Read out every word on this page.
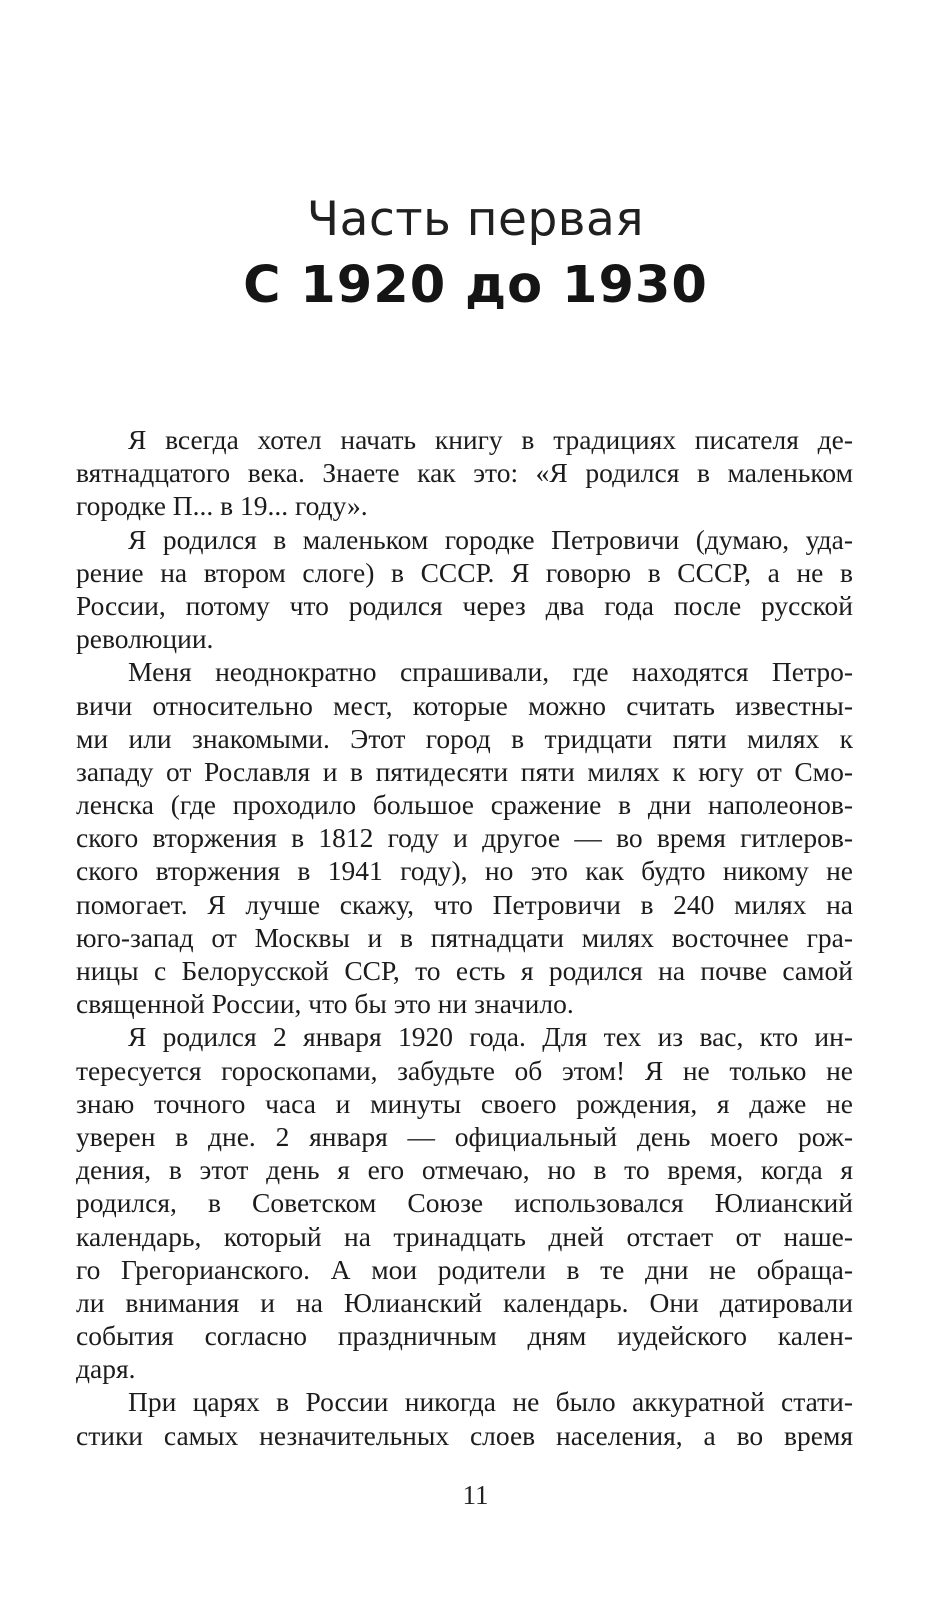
Часть первая
С 1920 до 1930
Я всегда хотел начать книгу в традициях писателя де-
вятнадцатого века. Знаете как это: «Я родился в маленьком
городке П... в 19... году».
Я родился в маленьком городке Петровичи (думаю, уда-
рение на втором слоге) в СССР. Я говорю в СССР, а не в
России, потому что родился через два года после русской
революции.
Меня неоднократно спрашивали, где находятся Петро-
вичи относительно мест, которые можно считать известны-
ми или знакомыми. Этот город в тридцати пяти милях к
западу от Рославля и в пятидесяти пяти милях к югу от Смо-
ленска (где проходило большое сражение в дни наполеонов-
ского вторжения в 1812 году и другое — во время гитлеров-
ского вторжения в 1941 году), но это как будто никому не
помогает. Я лучше скажу, что Петровичи в 240 милях на
юго-запад от Москвы и в пятнадцати милях восточнее гра-
ницы с Белорусской ССР, то есть я родился на почве самой
священной России, что бы это ни значило.
Я родился 2 января 1920 года. Для тех из вас, кто ин-
тересуется гороскопами, забудьте об этом! Я не только не
знаю точного часа и минуты своего рождения, я даже не
уверен в дне. 2 января — официальный день моего рож-
дения, в этот день я его отмечаю, но в то время, когда я
родился, в Советском Союзе использовался Юлианский
календарь, который на тринадцать дней отстает от наше-
го Грегорианского. А мои родители в те дни не обраща-
ли внимания и на Юлианский календарь. Они датировали
события согласно праздничным дням иудейского кален-
даря.
При царях в России никогда не было аккуратной стати-
стики самых незначительных слоев населения, а во время
11
